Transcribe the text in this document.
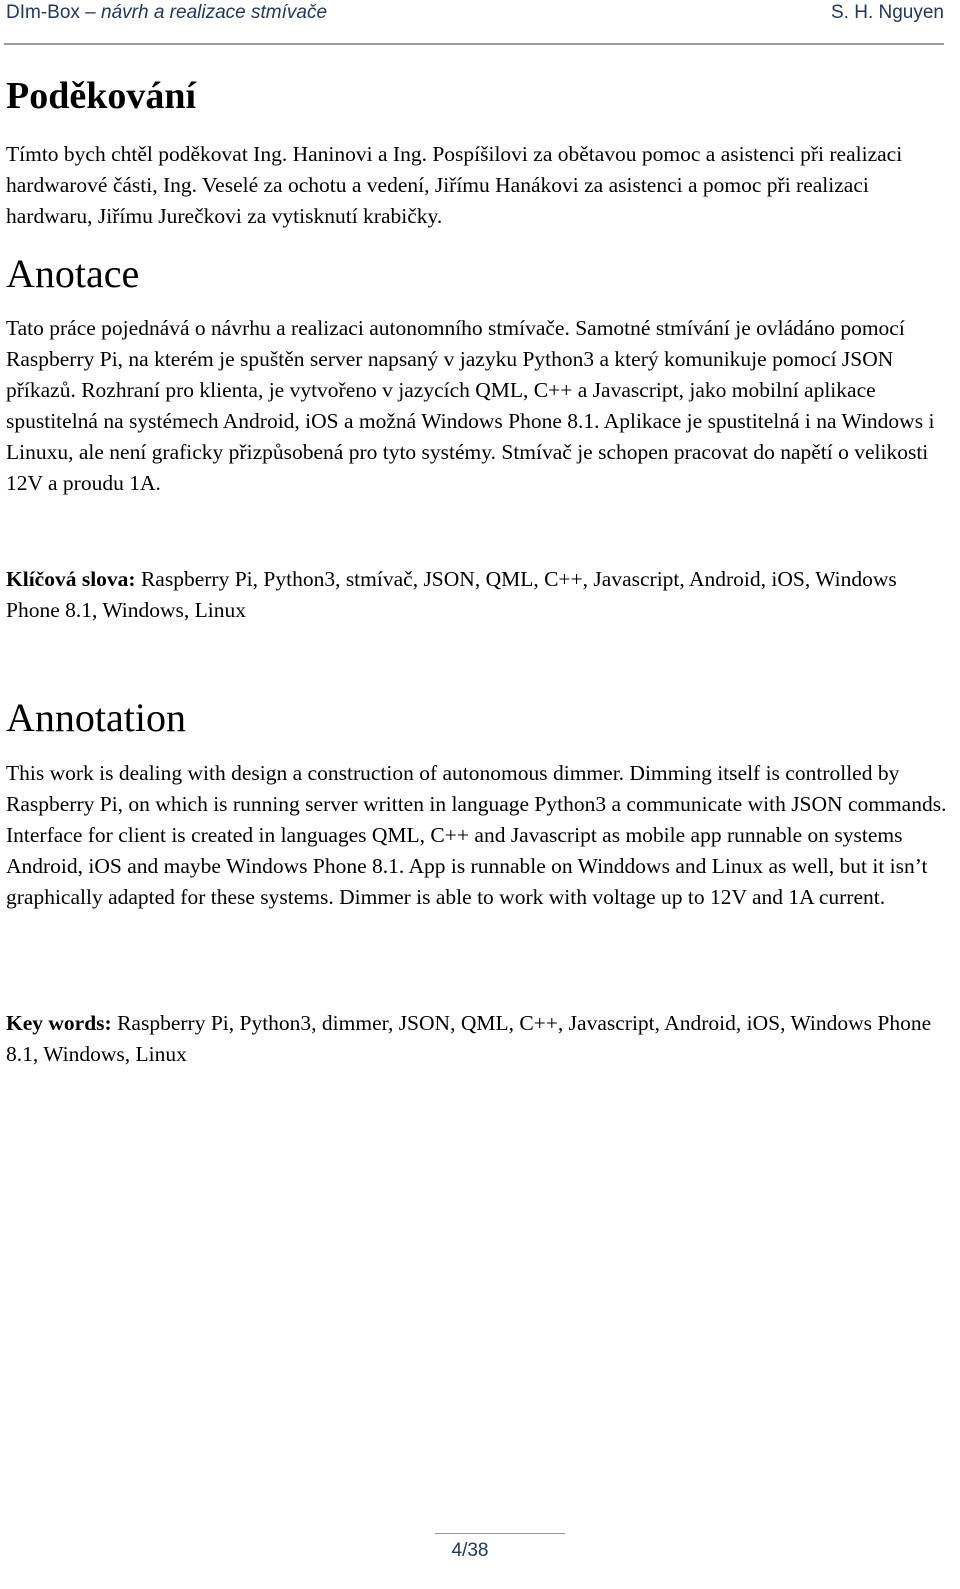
DIm-Box – návrh a realizace stmívače	S. H. Nguyen
Poděkování
Tímto bych chtěl poděkovat Ing. Haninovi a Ing. Pospíšilovi za obětavou pomoc a asistenci při realizaci hardwarové části, Ing. Veselé za ochotu a vedení, Jiřímu Hanákovi za asistenci a pomoc při realizaci hardwaru, Jiřímu Jurečkovi za vytisknutí krabičky.
Anotace
Tato práce pojednává o návrhu a realizaci autonomního stmívače. Samotné stmívání je ovládáno pomocí Raspberry Pi, na kterém je spuštěn server napsaný v jazyku Python3 a který komunikuje pomocí JSON příkazů. Rozhraní pro klienta, je vytvořeno v jazycích QML, C++ a Javascript, jako mobilní aplikace spustitelná na systémech Android, iOS a možná Windows Phone 8.1. Aplikace je spustitelná i na Windows i Linuxu, ale není graficky přizpůsobená pro tyto systémy. Stmívač je schopen pracovat do napětí o velikosti 12V a proudu 1A.
Klíčová slova: Raspberry Pi, Python3, stmívač, JSON, QML, C++, Javascript, Android, iOS, Windows Phone 8.1, Windows, Linux
Annotation
This work is dealing with design a construction of autonomous dimmer. Dimming itself is controlled by Raspberry Pi, on which is running server written in language Python3 a communicate with JSON commands. Interface for client is created in languages QML, C++ and Javascript as mobile app runnable on systems Android, iOS and maybe Windows Phone 8.1. App is runnable on Winddows and Linux as well, but it isn’t graphically adapted for these systems. Dimmer is able to work with voltage up to 12V and 1A current.
Key words: Raspberry Pi, Python3, dimmer, JSON, QML, C++, Javascript, Android, iOS, Windows Phone 8.1, Windows, Linux
4/38
